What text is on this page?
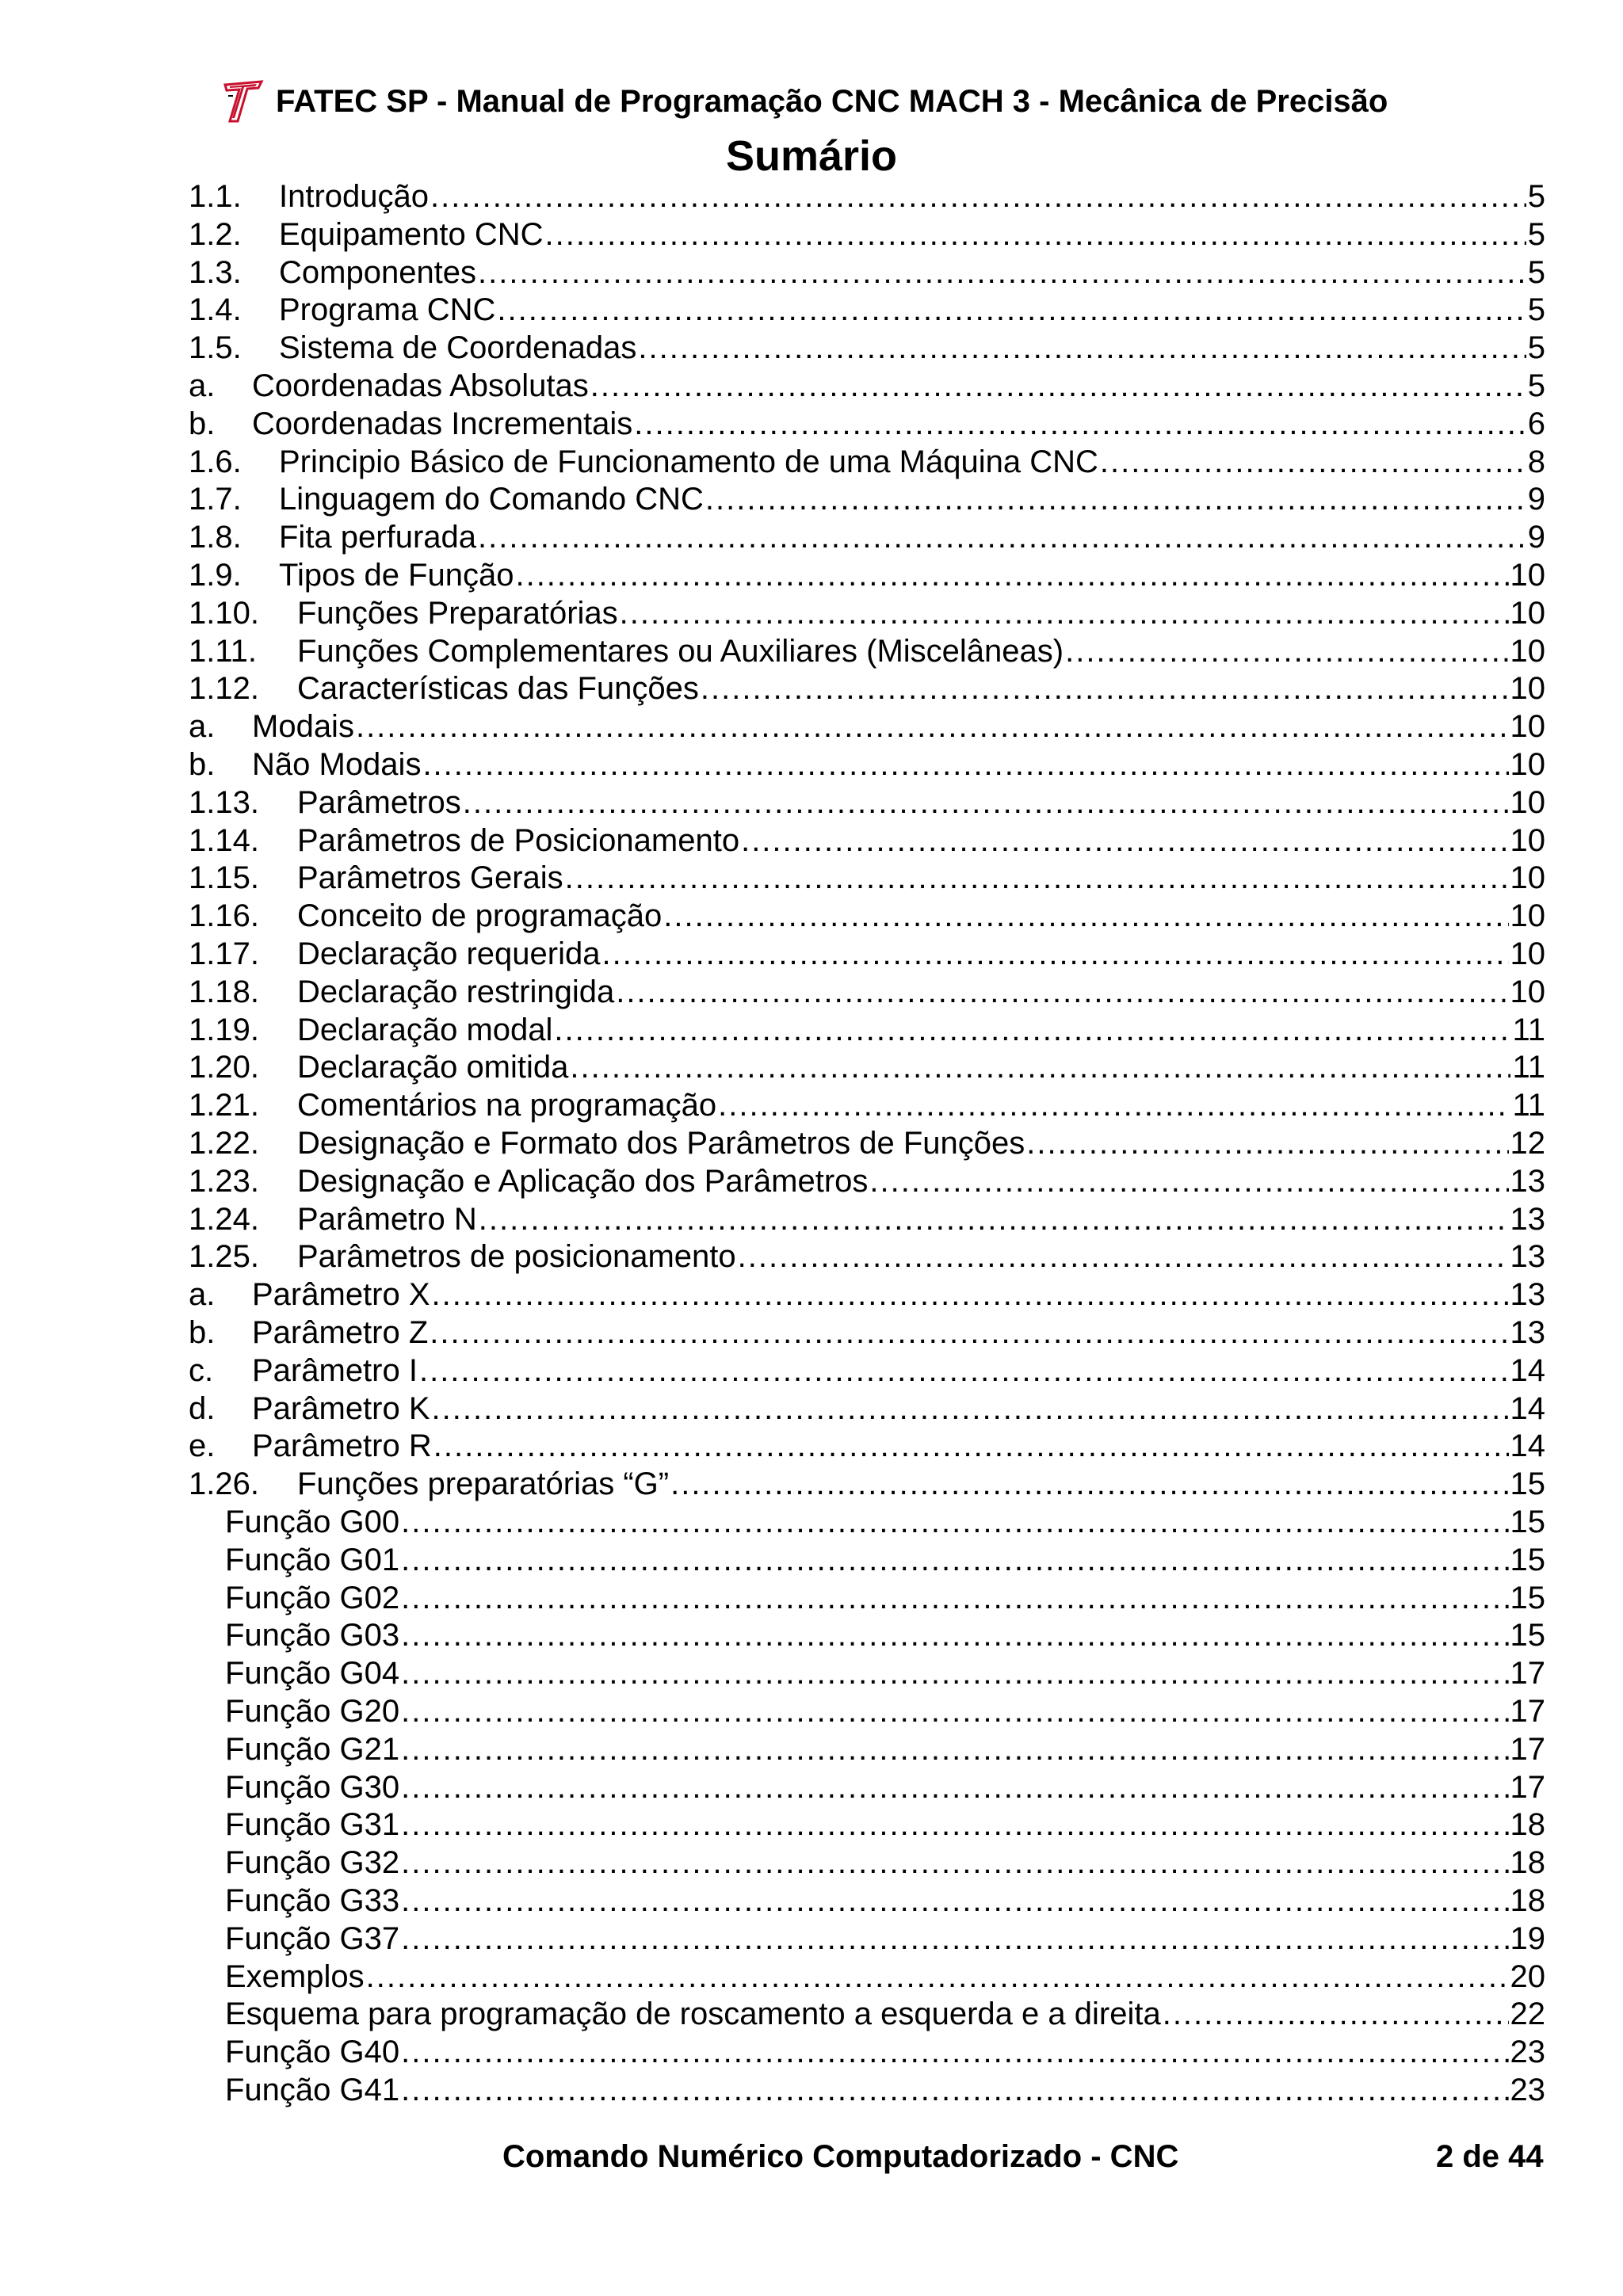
FATEC SP - Manual de Programação CNC MACH 3 - Mecânica de Precisão
Sumário
1.1. Introdução .....	5
1.2. Equipamento CNC .....	5
1.3. Componentes .....	5
1.4. Programa CNC .....	5
1.5. Sistema de Coordenadas .....	5
a. Coordenadas Absolutas .....	5
b. Coordenadas Incrementais .....	6
1.6. Principio Básico de Funcionamento de uma Máquina CNC .....	8
1.7. Linguagem do Comando CNC .....	9
1.8. Fita perfurada .....	9
1.9. Tipos de Função .....	10
1.10. Funções Preparatórias .....	10
1.11. Funções Complementares ou Auxiliares (Miscelâneas) .....	10
1.12. Características das Funções .....	10
a. Modais .....	10
b. Não Modais .....	10
1.13. Parâmetros .....	10
1.14. Parâmetros de Posicionamento .....	10
1.15. Parâmetros Gerais .....	10
1.16. Conceito de programação .....	10
1.17. Declaração requerida .....	10
1.18. Declaração restringida .....	10
1.19. Declaração modal .....	11
1.20. Declaração omitida .....	11
1.21. Comentários na programação .....	11
1.22. Designação e Formato dos Parâmetros de Funções .....	12
1.23. Designação e Aplicação dos Parâmetros .....	13
1.24. Parâmetro N .....	13
1.25. Parâmetros de posicionamento .....	13
a. Parâmetro X .....	13
b. Parâmetro Z .....	13
c. Parâmetro I .....	14
d. Parâmetro K .....	14
e. Parâmetro R .....	14
1.26. Funções preparatórias “G” .....	15
Função G00 .....	15
Função G01 .....	15
Função G02 .....	15
Função G03 .....	15
Função G04 .....	17
Função G20 .....	17
Função G21 .....	17
Função G30 .....	17
Função G31 .....	18
Função G32 .....	18
Função G33 .....	18
Função G37 .....	19
Exemplos .....	20
Esquema para programação de roscamento a esquerda e a direita .....	22
Função G40 .....	23
Função G41 .....	23
Comando Numérico Computadorizado - CNC	2 de 44
